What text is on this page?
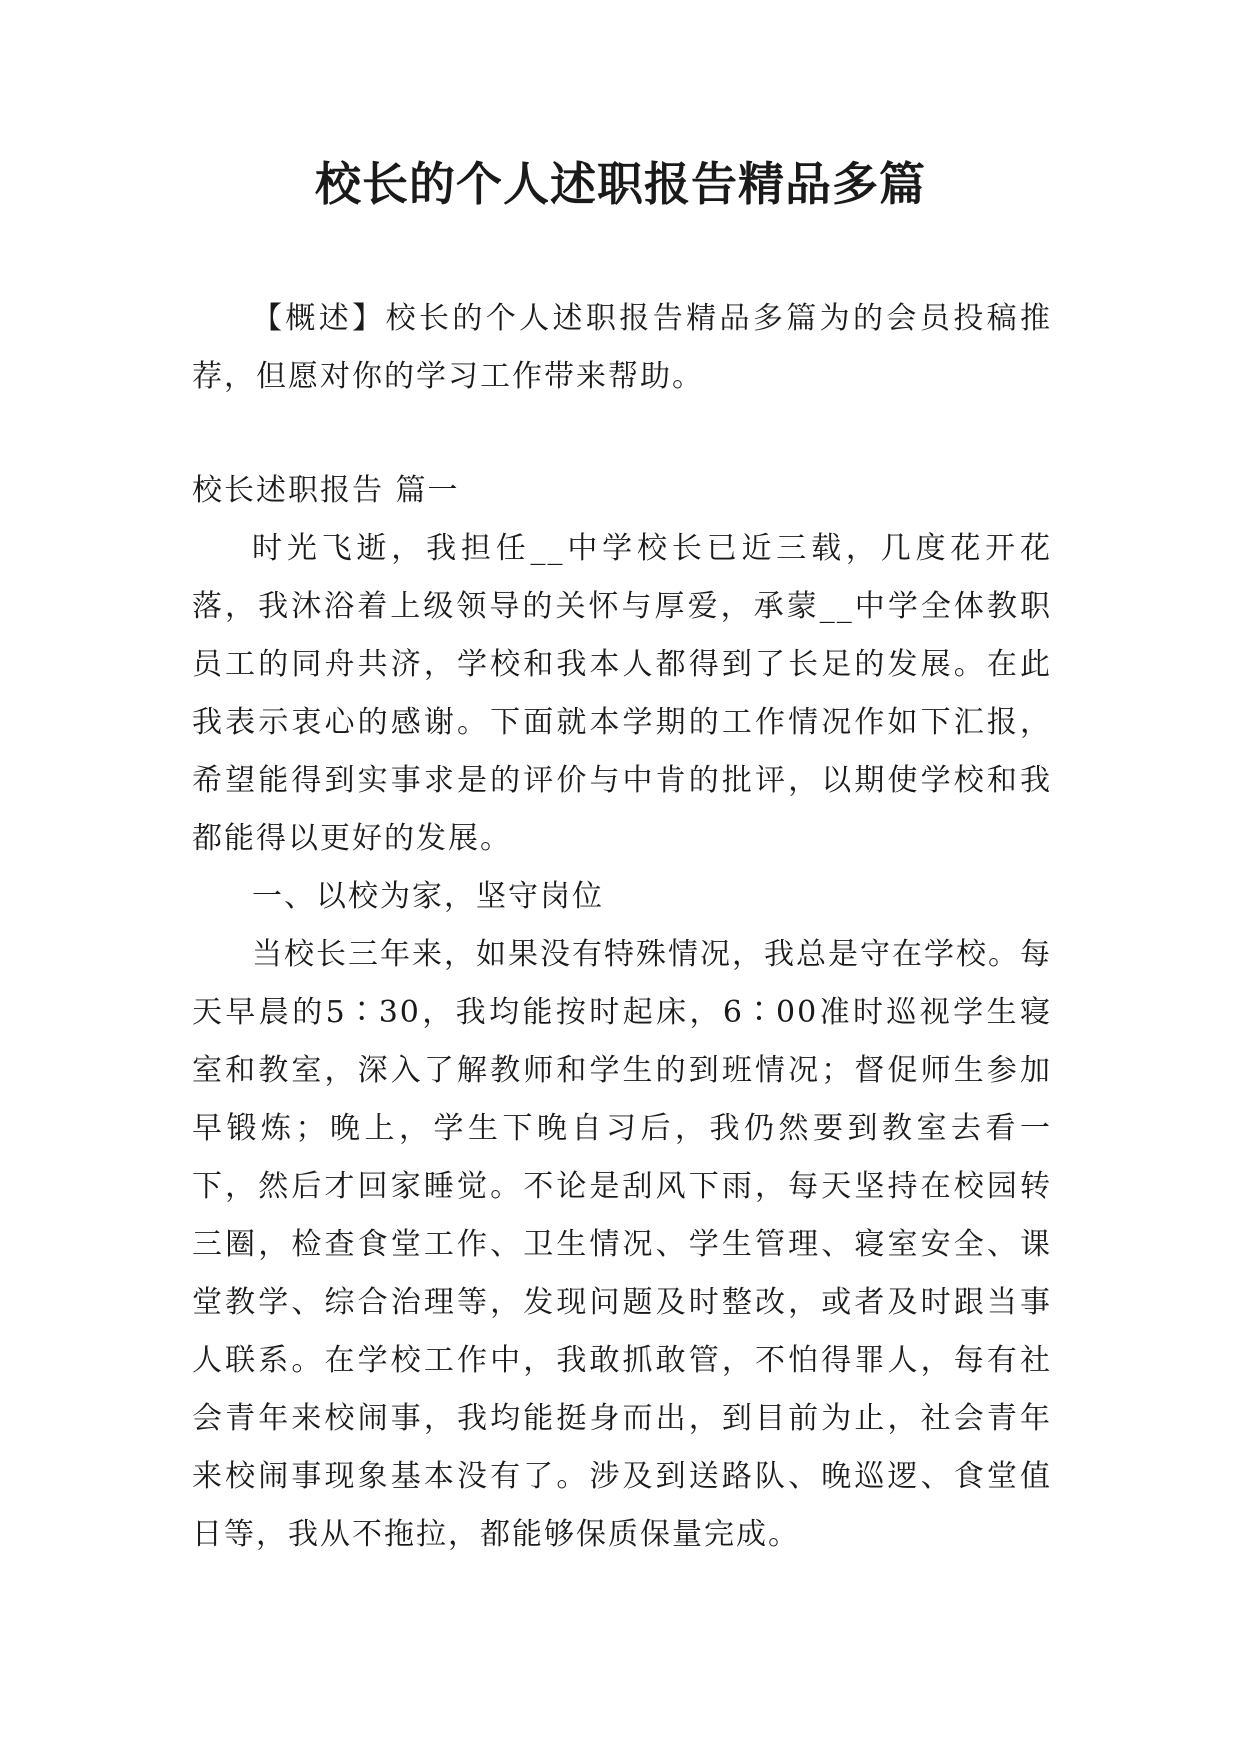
校长的个人述职报告精品多篇

【概述】校长的个人述职报告精品多篇为的会员投稿推荐，但愿对你的学习工作带来帮助。

校长述职报告 篇一

时光飞逝，我担任__中学校长已近三载，几度花开花落，我沐浴着上级领导的关怀与厚爱，承蒙__中学全体教职员工的同舟共济，学校和我本人都得到了长足的发展。在此我表示衷心的感谢。下面就本学期的工作情况作如下汇报，希望能得到实事求是的评价与中肯的批评，以期使学校和我都能得以更好的发展。

一、以校为家，坚守岗位

当校长三年来，如果没有特殊情况，我总是守在学校。每天早晨的5∶30，我均能按时起床，6∶00准时巡视学生寝室和教室，深入了解教师和学生的到班情况；督促师生参加早锻炼；晚上，学生下晚自习后，我仍然要到教室去看一下，然后才回家睡觉。不论是刮风下雨，每天坚持在校园转三圈，检查食堂工作、卫生情况、学生管理、寝室安全、课堂教学、综合治理等，发现问题及时整改，或者及时跟当事人联系。在学校工作中，我敢抓敢管，不怕得罪人，每有社会青年来校闹事，我均能挺身而出，到目前为止，社会青年来校闹事现象基本没有了。涉及到送路队、晚巡逻、食堂值日等，我从不拖拉，都能够保质保量完成。
